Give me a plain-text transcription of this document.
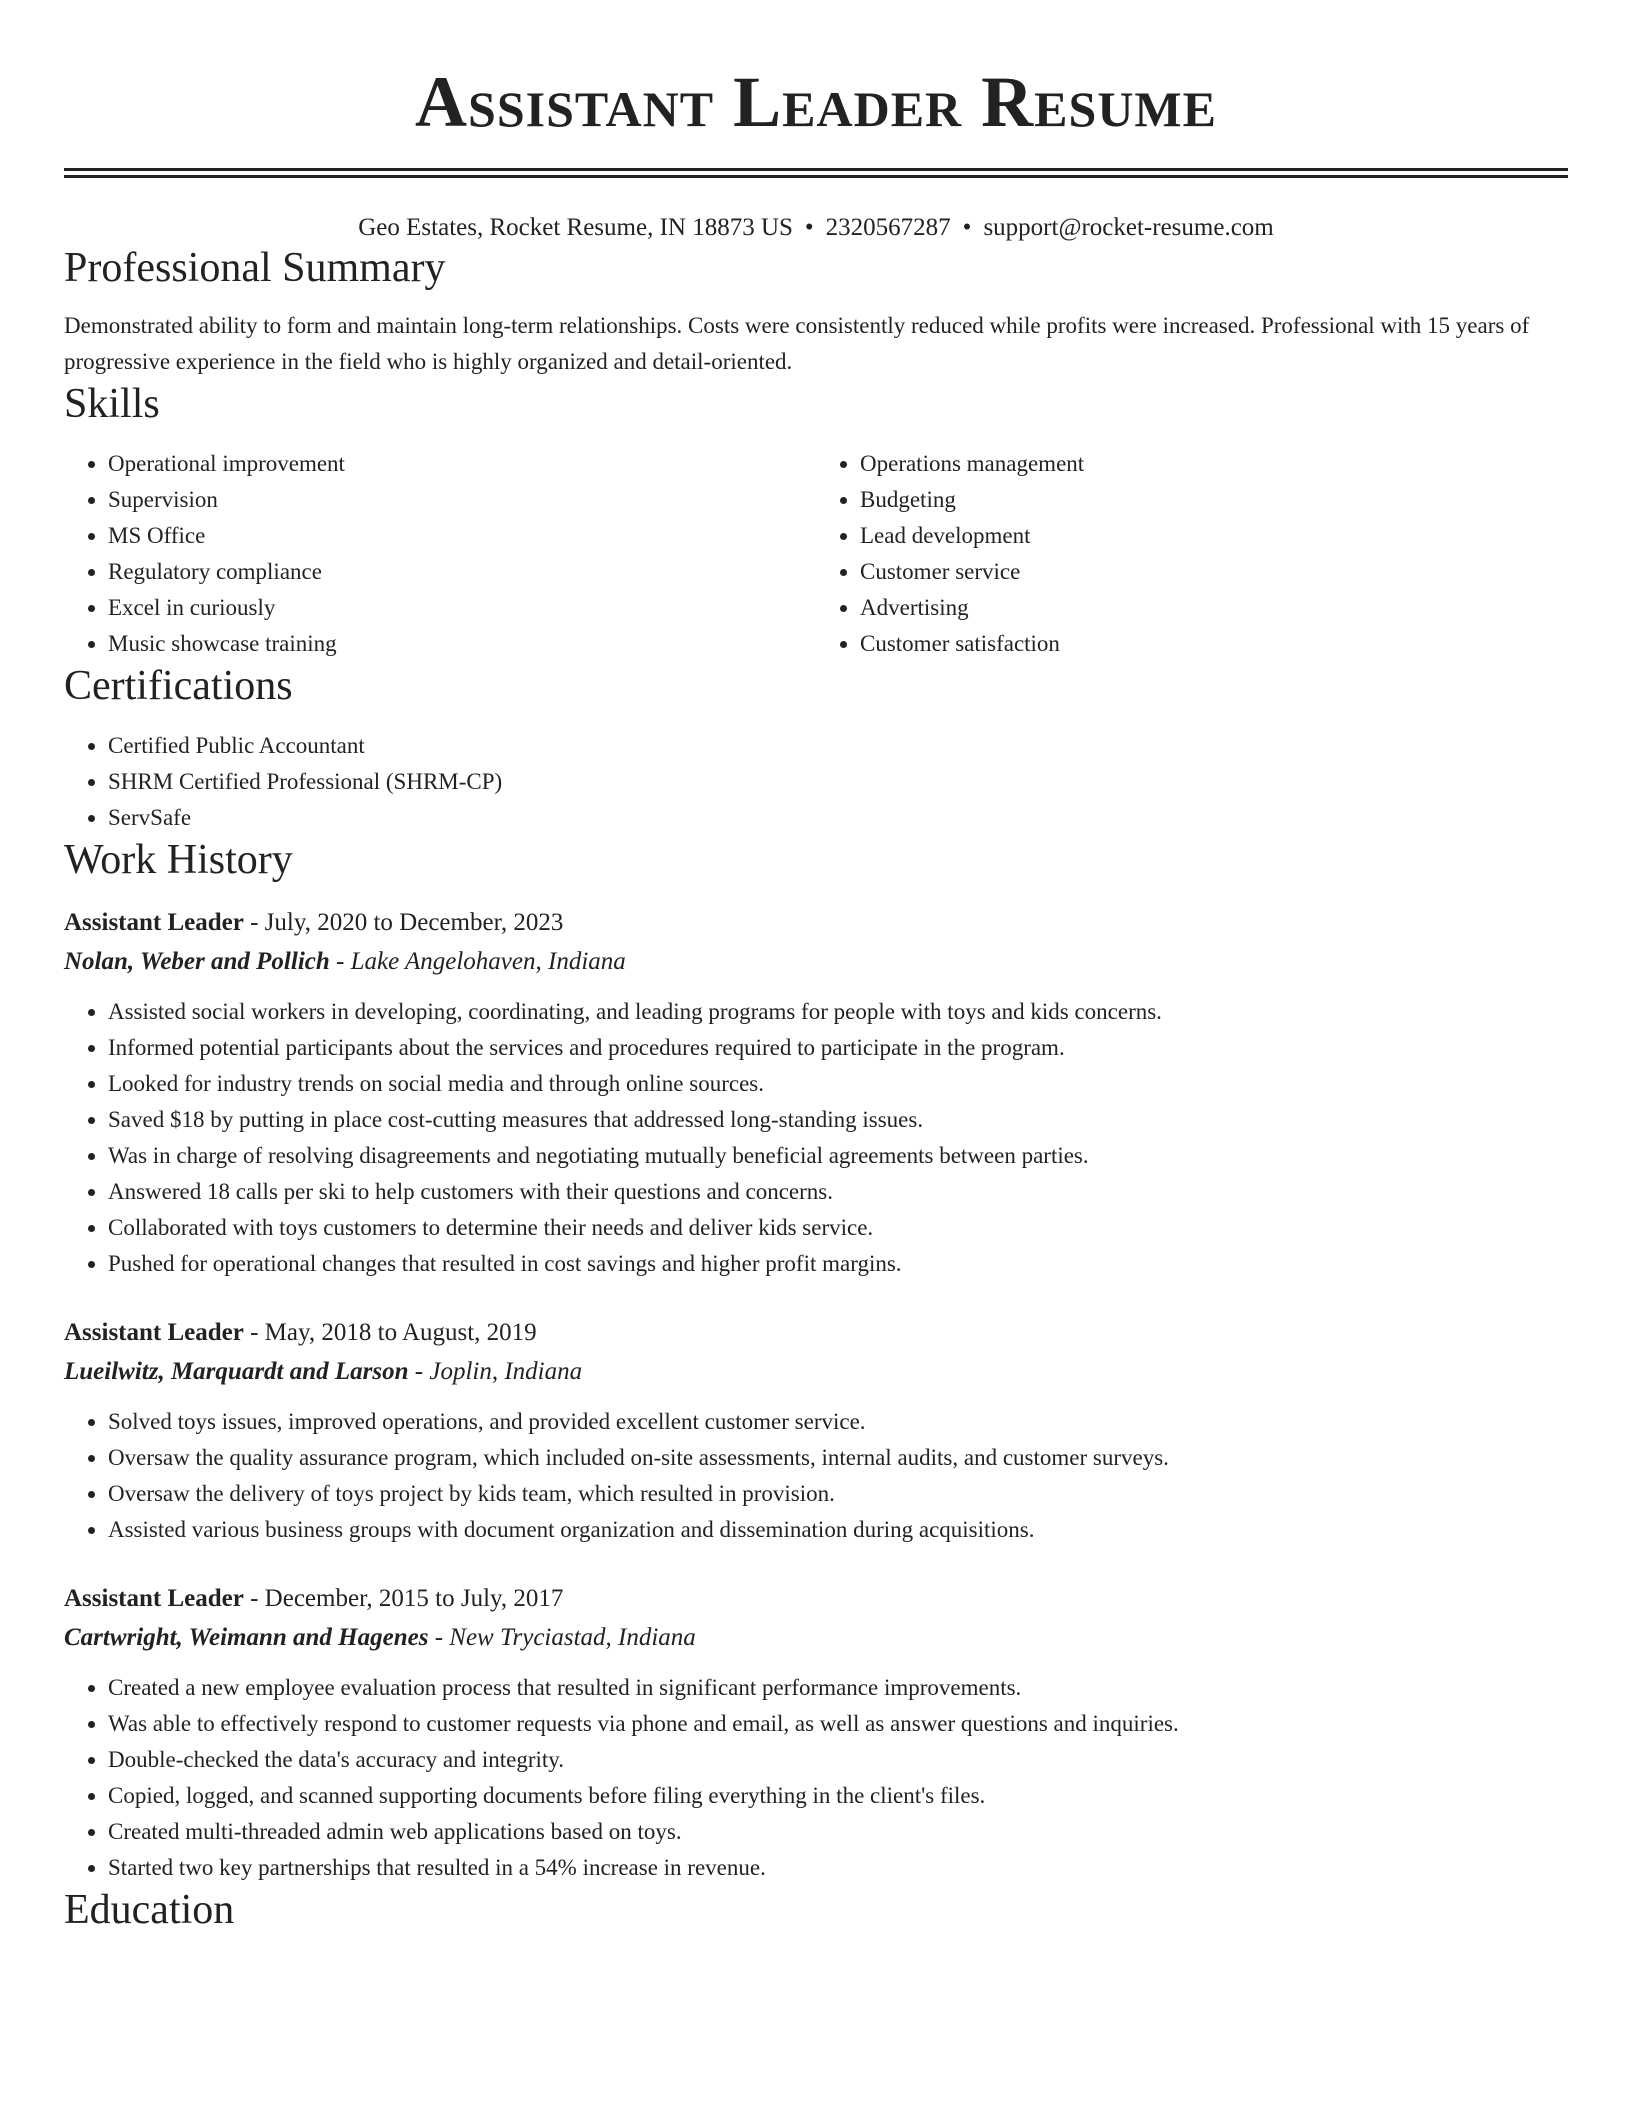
Assistant Leader Resume
Geo Estates, Rocket Resume, IN 18873 US • 2320567287 • support@rocket-resume.com
Professional Summary

Demonstrated ability to form and maintain long-term relationships. Costs were consistently reduced while profits were increased. Professional with 15 years of progressive experience in the field who is highly organized and detail-oriented.

Skills
• Operational improvement
• Supervision
• MS Office
• Regulatory compliance
• Excel in curiously
• Music showcase training
• Operations management
• Budgeting
• Lead development
• Customer service
• Advertising
• Customer satisfaction
Certifications
• Certified Public Accountant
• SHRM Certified Professional (SHRM-CP)
• ServSafe
Work History
Assistant Leader - July, 2020 to December, 2023
Nolan, Weber and Pollich - Lake Angelohaven, Indiana
• Assisted social workers in developing, coordinating, and leading programs for people with toys and kids concerns.
• Informed potential participants about the services and procedures required to participate in the program.
• Looked for industry trends on social media and through online sources.
• Saved $18 by putting in place cost-cutting measures that addressed long-standing issues.
• Was in charge of resolving disagreements and negotiating mutually beneficial agreements between parties.
• Answered 18 calls per ski to help customers with their questions and concerns.
• Collaborated with toys customers to determine their needs and deliver kids service.
• Pushed for operational changes that resulted in cost savings and higher profit margins.
Assistant Leader - May, 2018 to August, 2019
Lueilwitz, Marquardt and Larson - Joplin, Indiana
• Solved toys issues, improved operations, and provided excellent customer service.
• Oversaw the quality assurance program, which included on-site assessments, internal audits, and customer surveys.
• Oversaw the delivery of toys project by kids team, which resulted in provision.
• Assisted various business groups with document organization and dissemination during acquisitions.
Assistant Leader - December, 2015 to July, 2017
Cartwright, Weimann and Hagenes - New Tryciastad, Indiana
• Created a new employee evaluation process that resulted in significant performance improvements.
• Was able to effectively respond to customer requests via phone and email, as well as answer questions and inquiries.
• Double-checked the data's accuracy and integrity.
• Copied, logged, and scanned supporting documents before filing everything in the client's files.
• Created multi-threaded admin web applications based on toys.
• Started two key partnerships that resulted in a 54% increase in revenue.
Education
